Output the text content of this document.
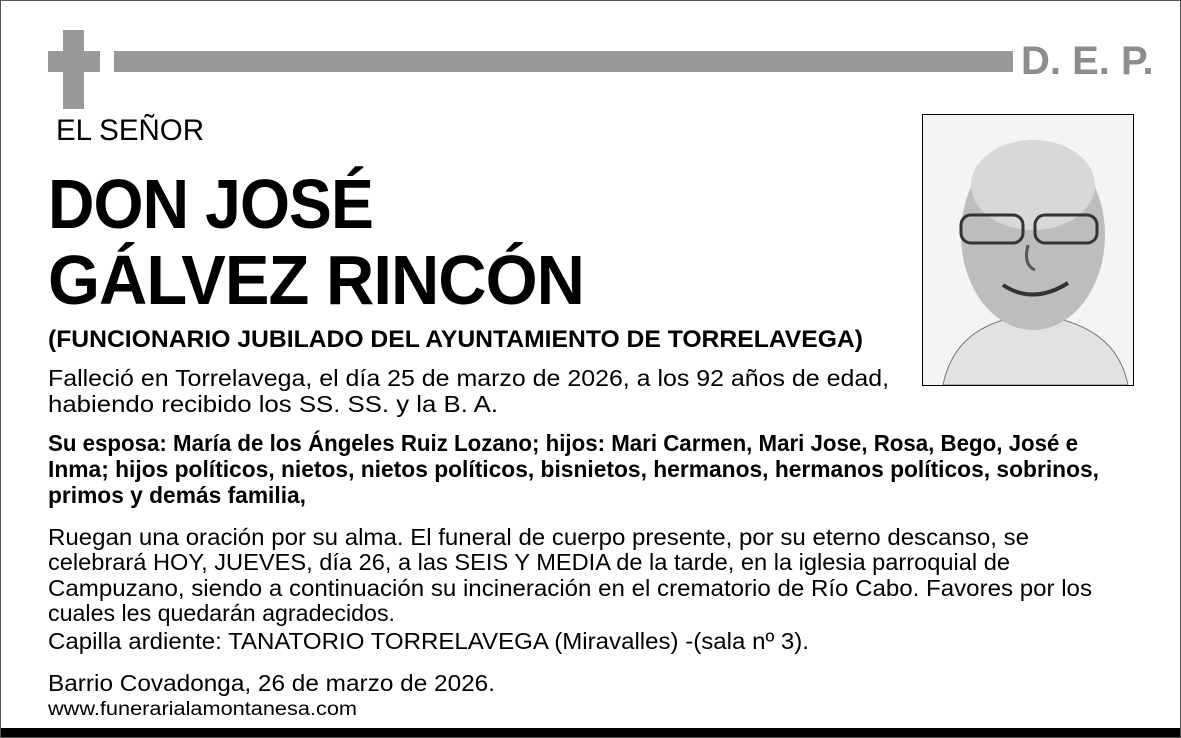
D. E. P.
EL SEÑOR
DON JOSÉ
GÁLVEZ RINCÓN
(FUNCIONARIO JUBILADO DEL AYUNTAMIENTO DE TORRELAVEGA)
Falleció en Torrelavega, el día 25 de marzo de 2026, a los 92 años de edad,
habiendo recibido los SS. SS. y la B. A.
Su esposa: María de los Ángeles Ruiz Lozano; hijos: Mari Carmen, Mari Jose, Rosa, Bego, José e
Inma; hijos políticos, nietos, nietos políticos, bisnietos, hermanos, hermanos políticos, sobrinos,
primos y demás familia,
Ruegan una oración por su alma. El funeral de cuerpo presente, por su eterno descanso, se
celebrará HOY, JUEVES, día 26, a las SEIS Y MEDIA de la tarde, en la iglesia parroquial de
Campuzano, siendo a continuación su incineración en el crematorio de Río Cabo. Favores por los
cuales les quedarán agradecidos.
Capilla ardiente: TANATORIO TORRELAVEGA (Miravalles) -(sala nº 3).
Barrio Covadonga, 26 de marzo de 2026.
www.funerarialamontanesa.com
